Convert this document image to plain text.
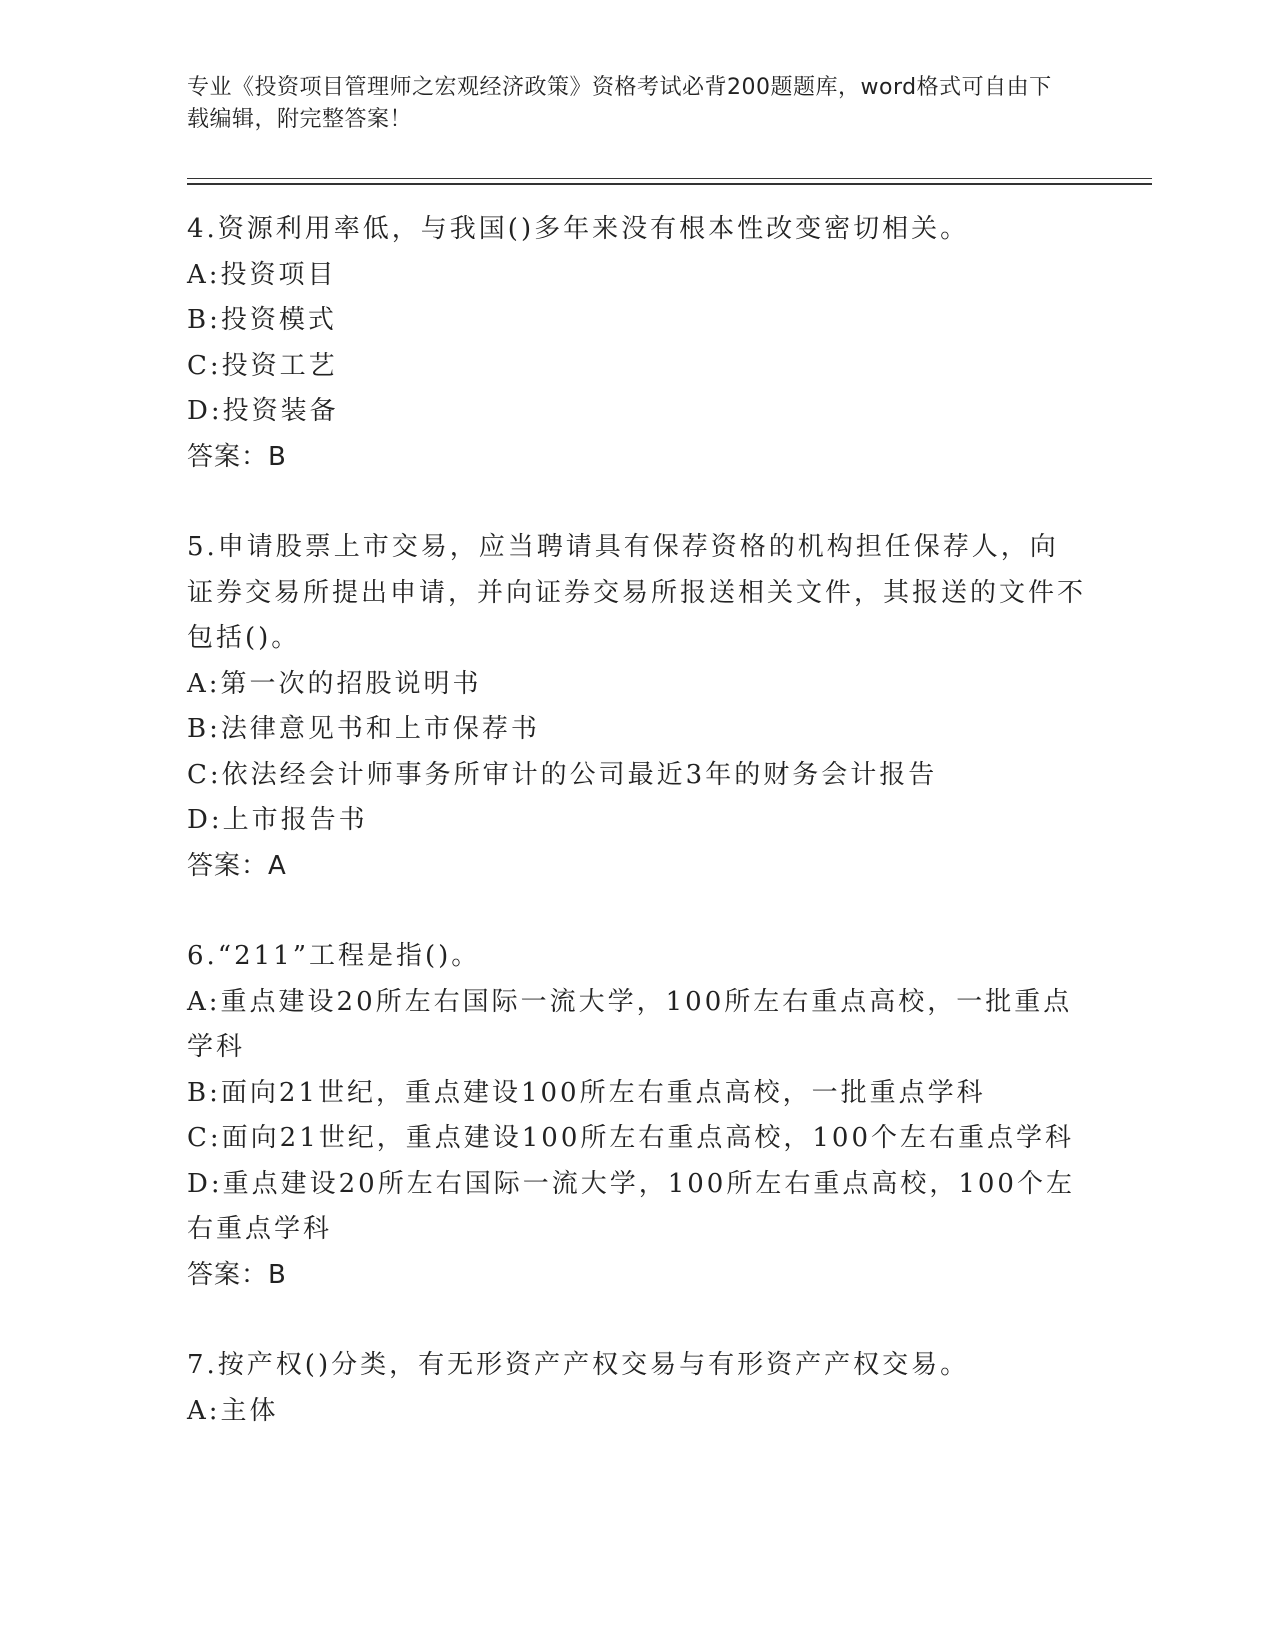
专业《投资项目管理师之宏观经济政策》资格考试必背200题题库，word格式可自由下载编辑，附完整答案！
4.资源利用率低，与我国()多年来没有根本性改变密切相关。
A:投资项目
B:投资模式
C:投资工艺
D:投资装备
答案：B
5.申请股票上市交易，应当聘请具有保荐资格的机构担任保荐人，向证券交易所提出申请，并向证券交易所报送相关文件，其报送的文件不包括()。
A:第一次的招股说明书
B:法律意见书和上市保荐书
C:依法经会计师事务所审计的公司最近3年的财务会计报告
D:上市报告书
答案：A
6.“211”工程是指()。
A:重点建设20所左右国际一流大学，100所左右重点高校，一批重点学科
B:面向21世纪，重点建设100所左右重点高校，一批重点学科
C:面向21世纪，重点建设100所左右重点高校，100个左右重点学科
D:重点建设20所左右国际一流大学，100所左右重点高校，100个左右重点学科
答案：B
7.按产权()分类，有无形资产产权交易与有形资产产权交易。
A:主体
